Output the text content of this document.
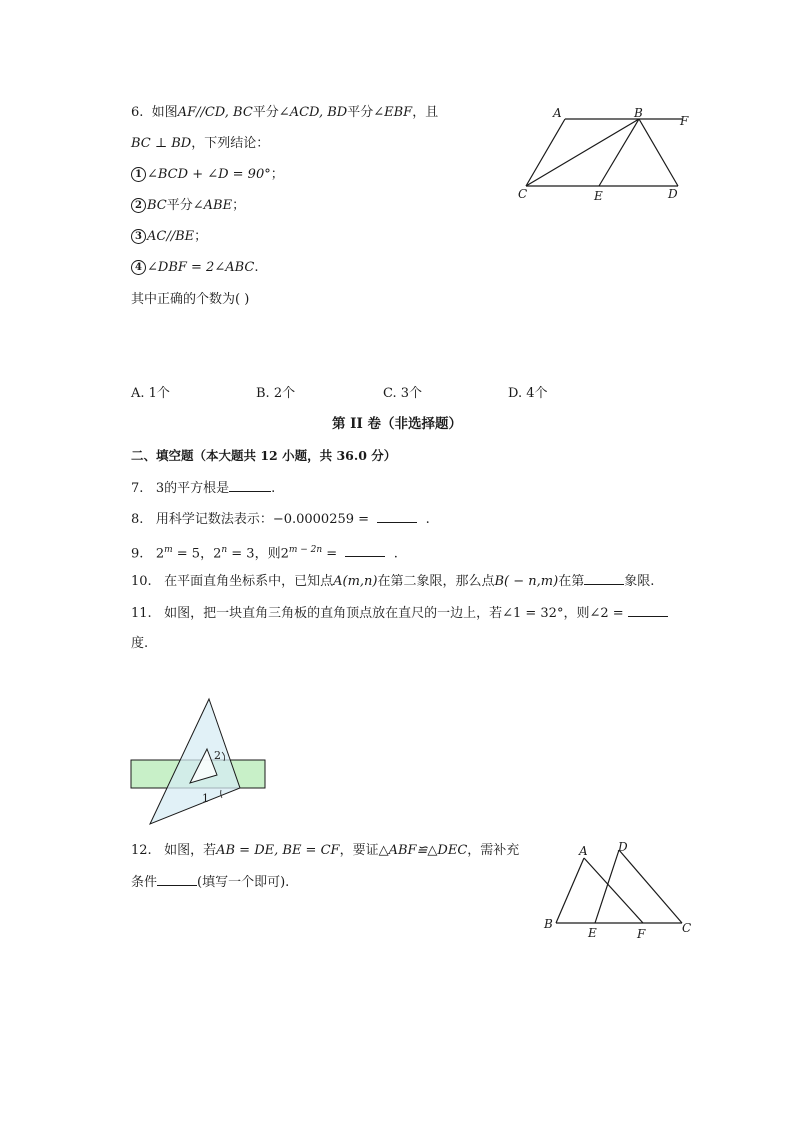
6. 如图AF//CD, BC平分∠ACD, BD平分∠EBF，且
BC ⊥ BD，下列结论：
1 ∠BCD + ∠D = 90°；
2 BC平分∠ABE；
3 AC//BE；
4 ∠DBF = 2∠ABC.
其中正确的个数为( )
A	B
F
C	E	D
A. 1个	B. 2个	C. 3个	D. 4个
第 II 卷（非选择题）
二、填空题（本大题共 12 小题，共 36.0 分）
7. 3的平方根是	.
8. 用科学记数法表示：−0.0000259 =	.
9. $2^m = 5$，$2^n = 3$，则$2^{m - 2n}$ =	.
10. 在平面直角坐标系中，已知点A(m,n)在第二象限，那么点B( − n,m)在第	象限.
11. 如图，把一块直角三角板的直角顶点放在直尺的一边上，若∠1 = 32°，则∠2 =
度.
2
1
12. 如图，若AB = DE, BE = CF，要证△ABF≌△DEC，需补充
条件	(填写一个即可).
A	D
B
E	F	C
